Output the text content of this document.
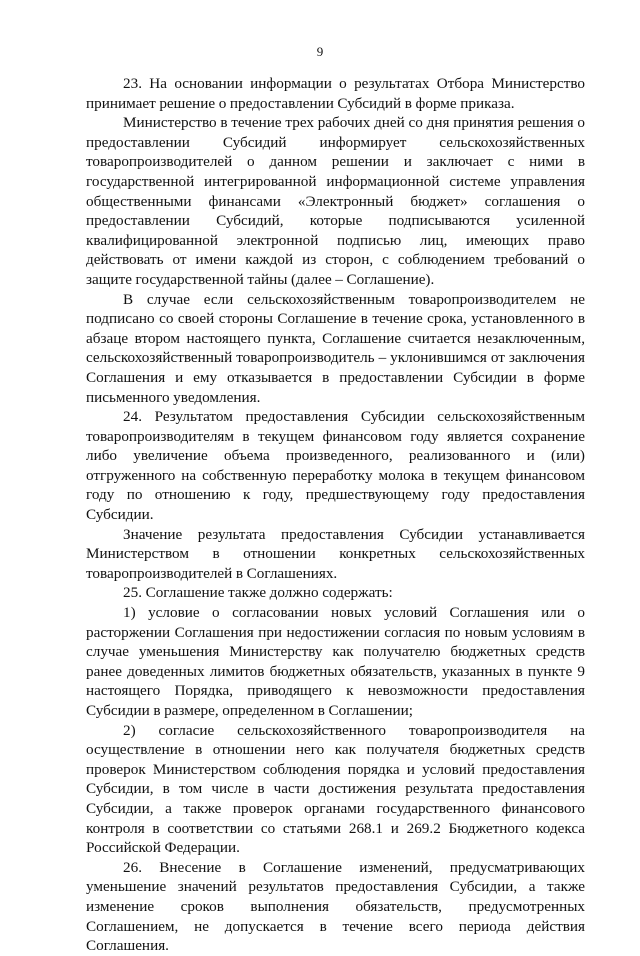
9

23. На основании информации о результатах Отбора Министерство принимает решение о предоставлении Субсидий в форме приказа.

Министерство в течение трех рабочих дней со дня принятия решения о предоставлении Субсидий информирует сельскохозяйственных товаропроизводителей о данном решении и заключает с ними в государственной интегрированной информационной системе управления общественными финансами «Электронный бюджет» соглашения о предоставлении Субсидий, которые подписываются усиленной квалифицированной электронной подписью лиц, имеющих право действовать от имени каждой из сторон, с соблюдением требований о защите государственной тайны (далее – Соглашение).

В случае если сельскохозяйственным товаропроизводителем не подписано со своей стороны Соглашение в течение срока, установленного в абзаце втором настоящего пункта, Соглашение считается незаключенным, сельскохозяйственный товаропроизводитель – уклонившимся от заключения Соглашения и ему отказывается в предоставлении Субсидии в форме письменного уведомления.

24. Результатом предоставления Субсидии сельскохозяйственным товаропроизводителям в текущем финансовом году является сохранение либо увеличение объема произведенного, реализованного и (или) отгруженного на собственную переработку молока в текущем финансовом году по отношению к году, предшествующему году предоставления Субсидии.

Значение результата предоставления Субсидии устанавливается Министерством в отношении конкретных сельскохозяйственных товаропроизводителей в Соглашениях.

25. Соглашение также должно содержать:

1) условие о согласовании новых условий Соглашения или о расторжении Соглашения при недостижении согласия по новым условиям в случае уменьшения Министерству как получателю бюджетных средств ранее доведенных лимитов бюджетных обязательств, указанных в пункте 9 настоящего Порядка, приводящего к невозможности предоставления Субсидии в размере, определенном в Соглашении;

2) согласие сельскохозяйственного товаропроизводителя на осуществление в отношении него как получателя бюджетных средств проверок Министерством соблюдения порядка и условий предоставления Субсидии, в том числе в части достижения результата предоставления Субсидии, а также проверок органами государственного финансового контроля в соответствии со статьями 268.1 и 269.2 Бюджетного кодекса Российской Федерации.

26. Внесение в Соглашение изменений, предусматривающих уменьшение значений результатов предоставления Субсидии, а также изменение сроков выполнения обязательств, предусмотренных Соглашением, не допускается в течение всего периода действия Соглашения.
